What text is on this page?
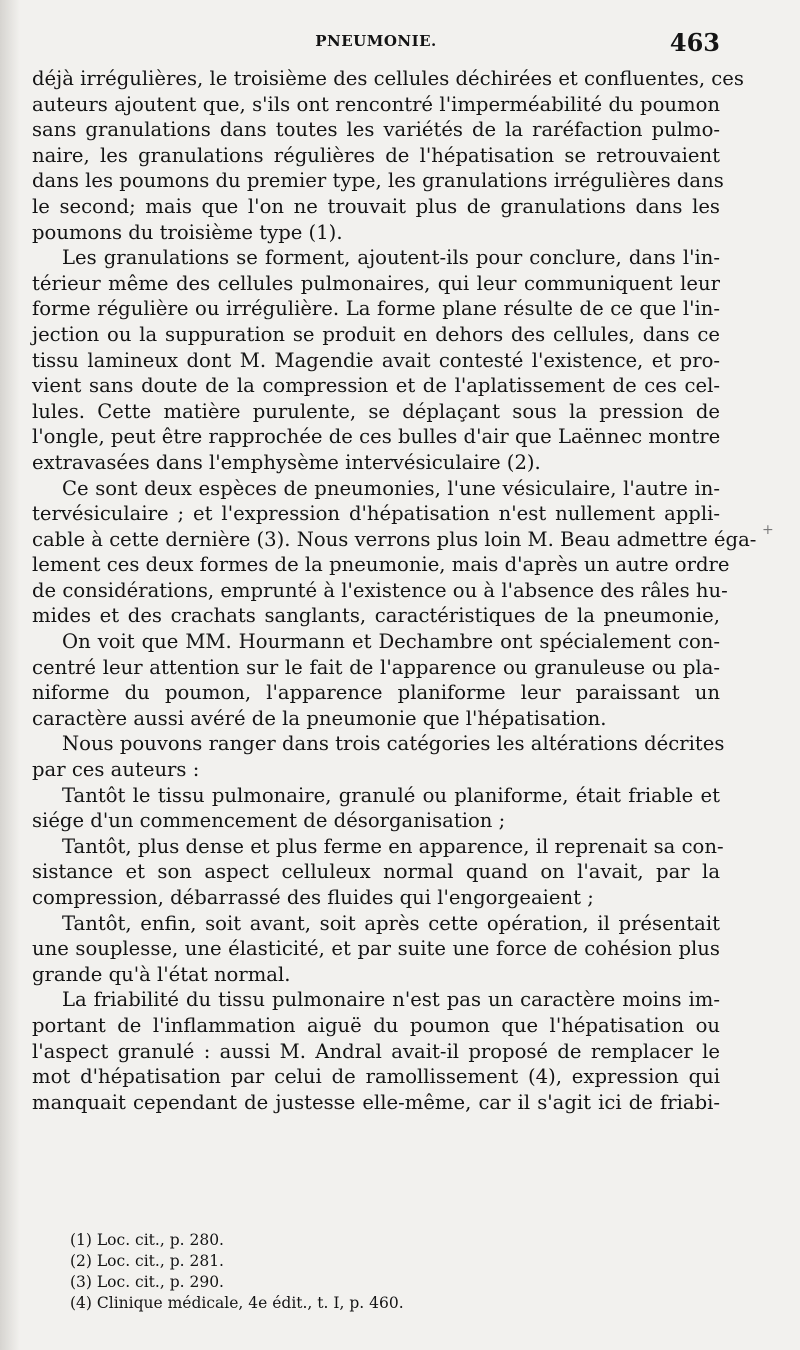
PNEUMONIE.	463
déjà irrégulières, le troisième des cellules déchirées et confluentes, ces
auteurs ajoutent que, s'ils ont rencontré l'imperméabilité du poumon
sans granulations dans toutes les variétés de la raréfaction pulmo-
naire, les granulations régulières de l'hépatisation se retrouvaient
dans les poumons du premier type, les granulations irrégulières dans
le second; mais que l'on ne trouvait plus de granulations dans les
poumons du troisième type (1).
Les granulations se forment, ajoutent-ils pour conclure, dans l'in-
térieur même des cellules pulmonaires, qui leur communiquent leur
forme régulière ou irrégulière. La forme plane résulte de ce que l'in-
jection ou la suppuration se produit en dehors des cellules, dans ce
tissu lamineux dont M. Magendie avait contesté l'existence, et pro-
vient sans doute de la compression et de l'aplatissement de ces cel-
lules. Cette matière purulente, se déplaçant sous la pression de
l'ongle, peut être rapprochée de ces bulles d'air que Laënnec montre
extravasées dans l'emphysème intervésiculaire (2).
Ce sont deux espèces de pneumonies, l'une vésiculaire, l'autre in-
tervésiculaire ; et l'expression d'hépatisation n'est nullement appli-
cable à cette dernière (3). Nous verrons plus loin M. Beau admettre éga-
lement ces deux formes de la pneumonie, mais d'après un autre ordre
de considérations, emprunté à l'existence ou à l'absence des râles hu-
mides et des crachats sanglants, caractéristiques de la pneumonie,
On voit que MM. Hourmann et Dechambre ont spécialement con-
centré leur attention sur le fait de l'apparence ou granuleuse ou pla-
niforme du poumon, l'apparence planiforme leur paraissant un
caractère aussi avéré de la pneumonie que l'hépatisation.
Nous pouvons ranger dans trois catégories les altérations décrites
par ces auteurs :
Tantôt le tissu pulmonaire, granulé ou planiforme, était friable et
siége d'un commencement de désorganisation ;
Tantôt, plus dense et plus ferme en apparence, il reprenait sa con-
sistance et son aspect celluleux normal quand on l'avait, par la
compression, débarrassé des fluides qui l'engorgeaient ;
Tantôt, enfin, soit avant, soit après cette opération, il présentait
une souplesse, une élasticité, et par suite une force de cohésion plus
grande qu'à l'état normal.
La friabilité du tissu pulmonaire n'est pas un caractère moins im-
portant de l'inflammation aiguë du poumon que l'hépatisation ou
l'aspect granulé : aussi M. Andral avait-il proposé de remplacer le
mot d'hépatisation par celui de ramollissement (4), expression qui
manquait cependant de justesse elle-même, car il s'agit ici de friabi-
+
(1) Loc. cit., p. 280.
(2) Loc. cit., p. 281.
(3) Loc. cit., p. 290.
(4) Clinique médicale, 4e édit., t. I, p. 460.
